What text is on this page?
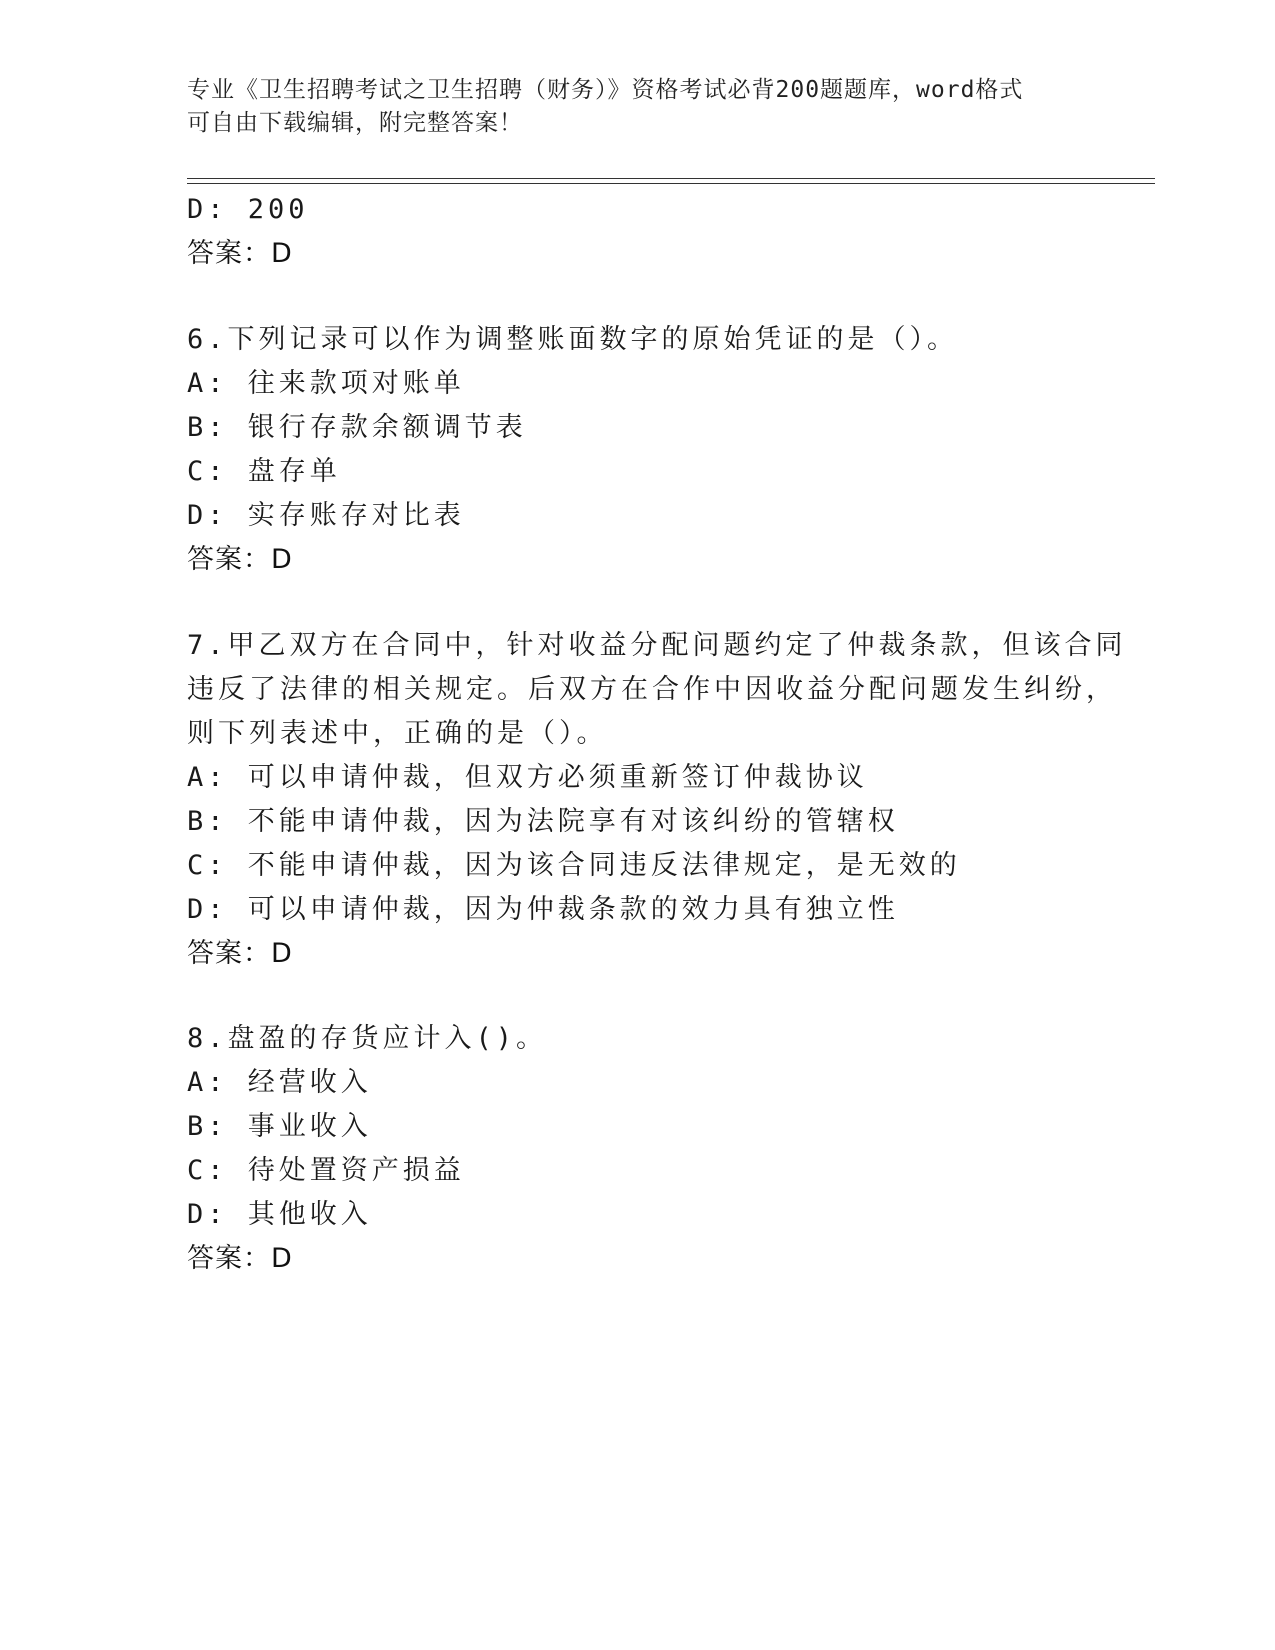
专业《卫生招聘考试之卫生招聘（财务）》资格考试必背200题题库，word格式
可自由下载编辑，附完整答案！
D: 200
答案：D
6.下列记录可以作为调整账面数字的原始凭证的是（）。
A: 往来款项对账单
B: 银行存款余额调节表
C: 盘存单
D: 实存账存对比表
答案：D
7.甲乙双方在合同中，针对收益分配问题约定了仲裁条款，但该合同
违反了法律的相关规定。后双方在合作中因收益分配问题发生纠纷，
则下列表述中，正确的是（）。
A: 可以申请仲裁，但双方必须重新签订仲裁协议
B: 不能申请仲裁，因为法院享有对该纠纷的管辖权
C: 不能申请仲裁，因为该合同违反法律规定，是无效的
D: 可以申请仲裁，因为仲裁条款的效力具有独立性
答案：D
8.盘盈的存货应计入()。
A: 经营收入
B: 事业收入
C: 待处置资产损益
D: 其他收入
答案：D
